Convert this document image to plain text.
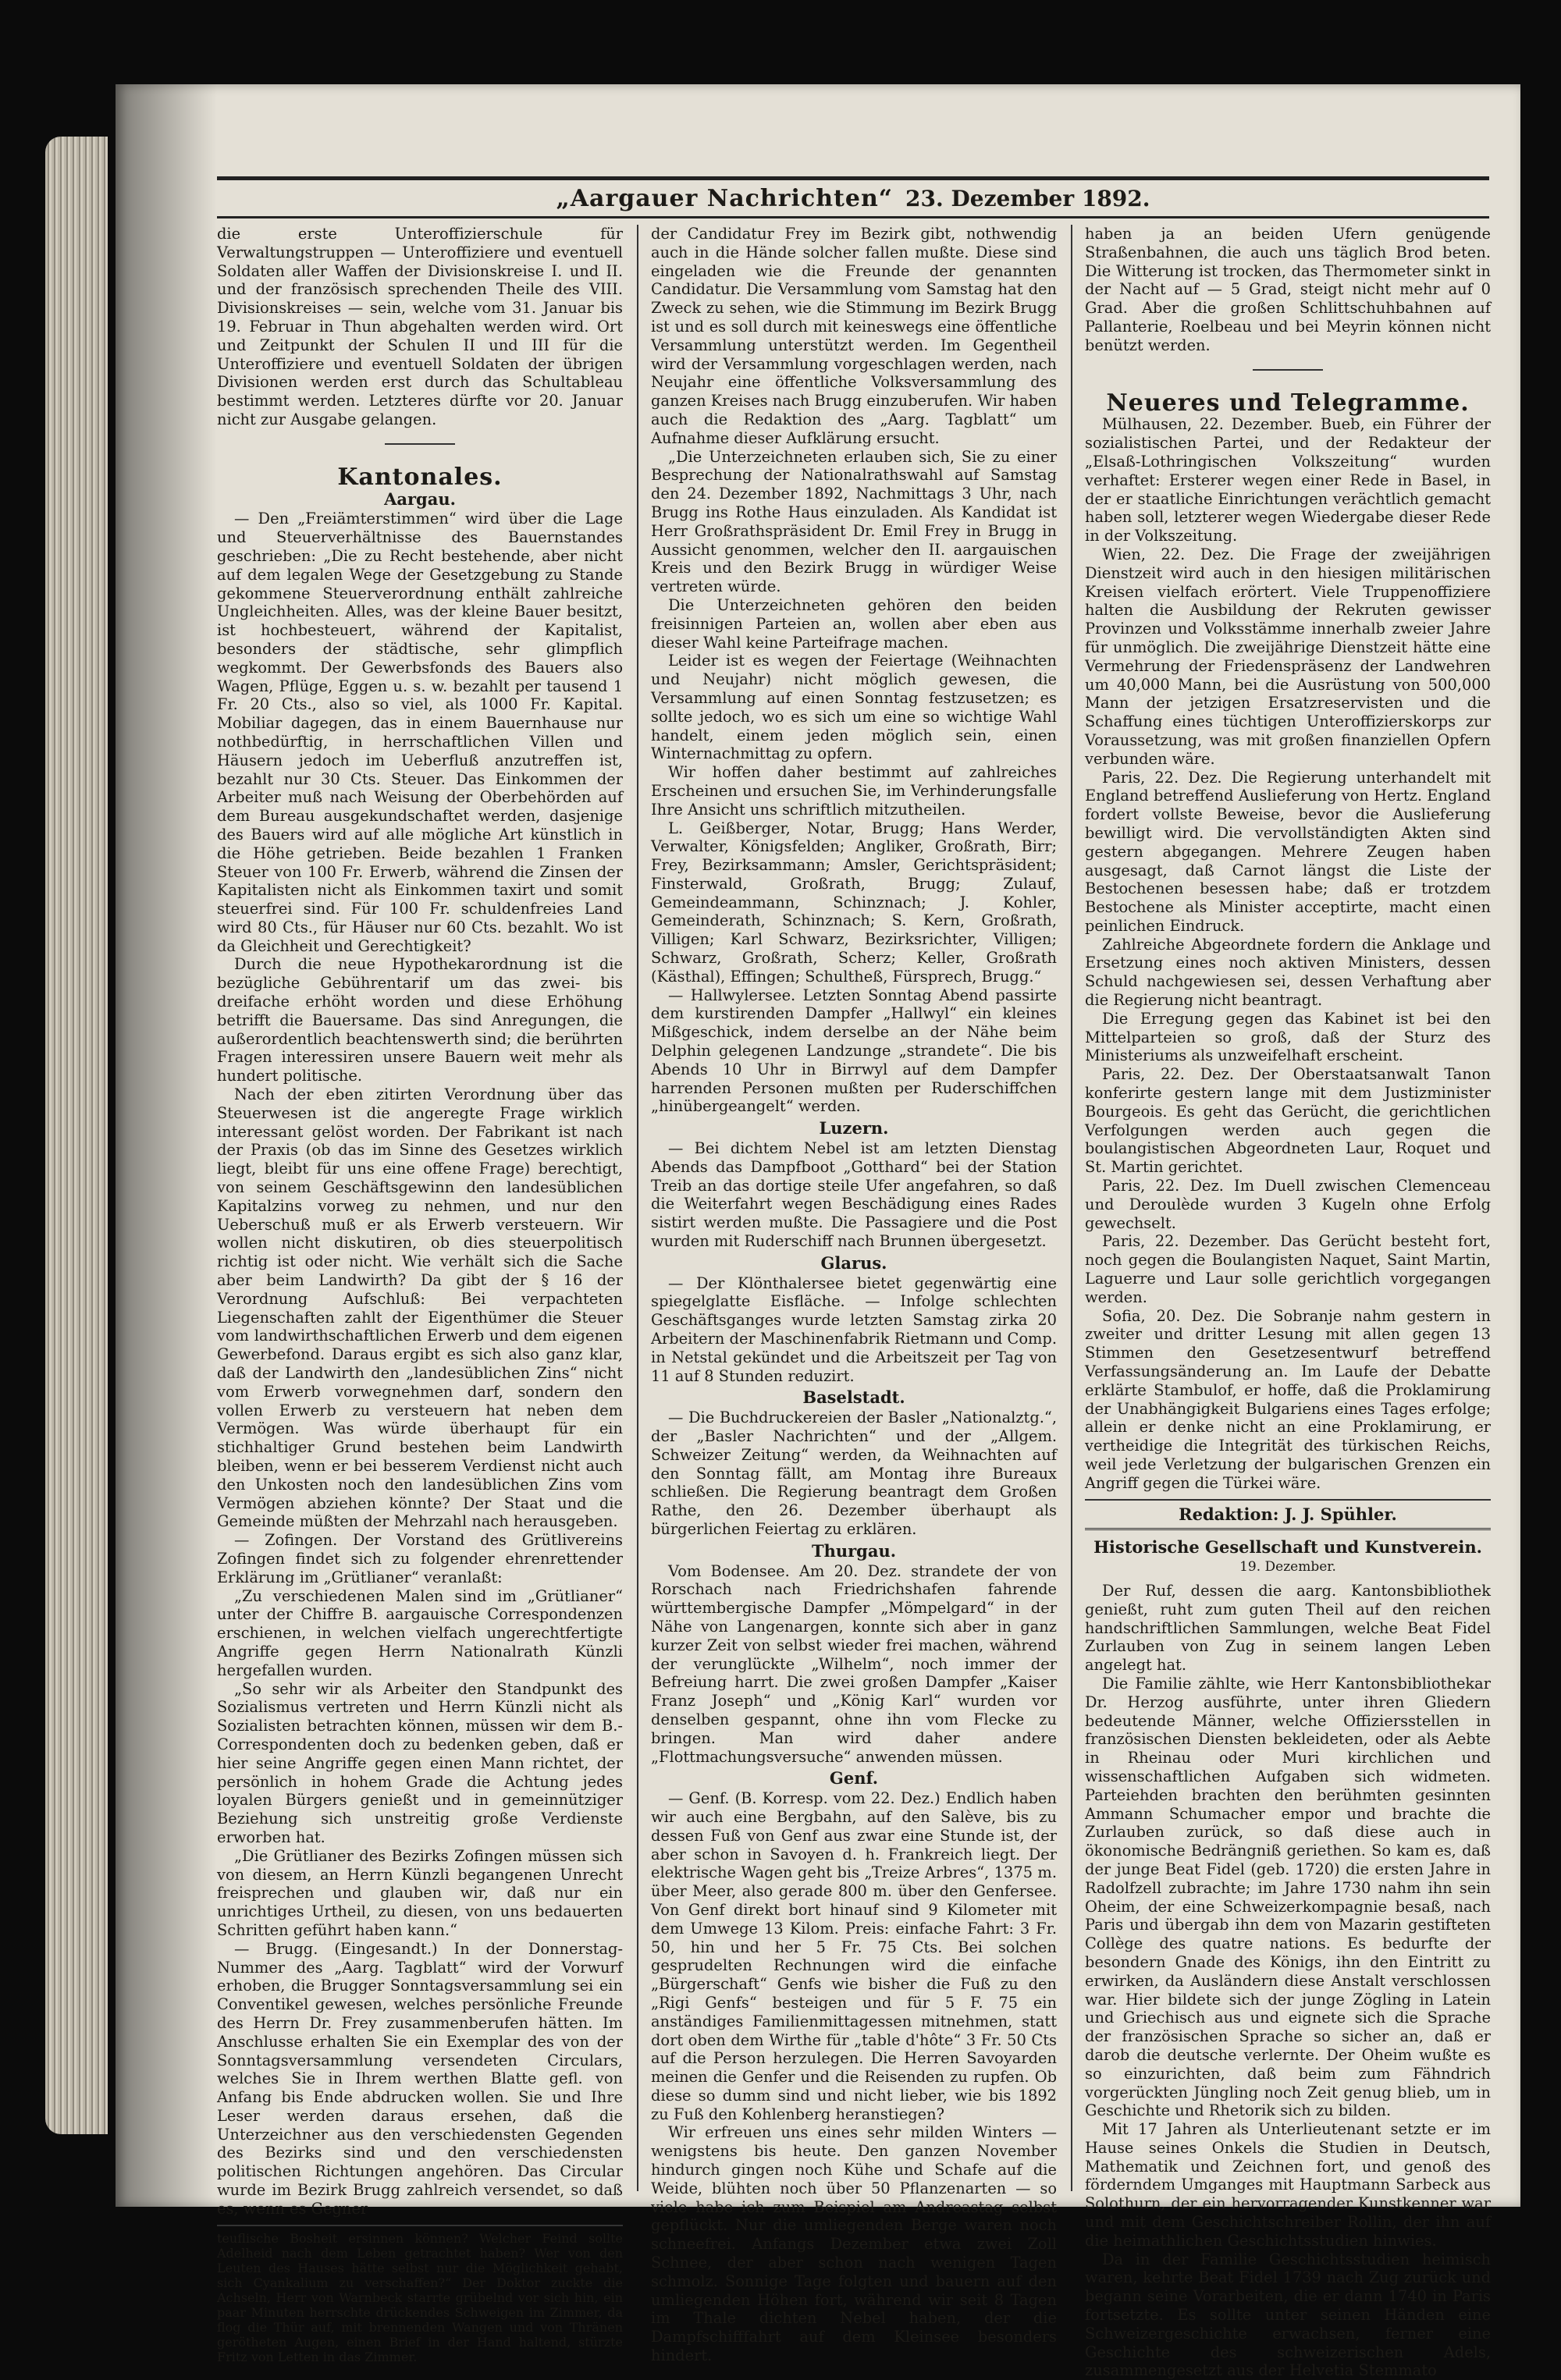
„Aargauer Nachrichten“ 23. Dezember 1892.

die erste Unteroffizierschule für Verwaltungstruppen — Unteroffiziere und eventuell Soldaten aller Waffen der Divisionskreise I. und II. und der französisch sprechenden Theile des VIII. Divisionskreises — sein, welche vom 31. Januar bis 19. Februar in Thun abgehalten werden wird. Ort und Zeitpunkt der Schulen II und III für die Unteroffiziere und eventuell Soldaten der übrigen Divisionen werden erst durch das Schultableau bestimmt werden. Letzteres dürfte vor 20. Januar nicht zur Ausgabe gelangen.

Kantonales.
Aargau.

— Den „Freiämterstimmen“ wird über die Lage und Steuerverhältnisse des Bauernstandes geschrieben: „Die zu Recht bestehende, aber nicht auf dem legalen Wege der Gesetzgebung zu Stande gekommene Steuerverordnung enthält zahlreiche Ungleichheiten. Alles, was der kleine Bauer besitzt, ist hochbesteuert, während der Kapitalist, besonders der städtische, sehr glimpflich wegkommt. Der Gewerbsfonds des Bauers also Wagen, Pflüge, Eggen u. s. w. bezahlt per tausend 1 Fr. 20 Cts., also so viel, als 1000 Fr. Kapital. Mobiliar dagegen, das in einem Bauernhause nur nothbedürftig, in herrschaftlichen Villen und Häusern jedoch im Ueberfluß anzutreffen ist, bezahlt nur 30 Cts. Steuer. Das Einkommen der Arbeiter muß nach Weisung der Oberbehörden auf dem Bureau ausgekundschaftet werden, dasjenige des Bauers wird auf alle mögliche Art künstlich in die Höhe getrieben. Beide bezahlen 1 Franken Steuer von 100 Fr. Erwerb, während die Zinsen der Kapitalisten nicht als Einkommen taxirt und somit steuerfrei sind. Für 100 Fr. schuldenfreies Land wird 80 Cts., für Häuser nur 60 Cts. bezahlt. Wo ist da Gleichheit und Gerechtigkeit?

Durch die neue Hypothekarordnung ist die bezügliche Gebührentarif um das zwei- bis dreifache erhöht worden und diese Erhöhung betrifft die Bauersame. Das sind Anregungen, die außerordentlich beachtenswerth sind; die berührten Fragen interessiren unsere Bauern weit mehr als hundert politische.

Nach der eben zitirten Verordnung über das Steuerwesen ist die angeregte Frage wirklich interessant gelöst worden. Der Fabrikant ist nach der Praxis (ob das im Sinne des Gesetzes wirklich liegt, bleibt für uns eine offene Frage) berechtigt, von seinem Geschäftsgewinn den landesüblichen Kapitalzins vorweg zu nehmen, und nur den Ueberschuß muß er als Erwerb versteuern. Wir wollen nicht diskutiren, ob dies steuerpolitisch richtig ist oder nicht. Wie verhält sich die Sache aber beim Landwirth? Da gibt der § 16 der Verordnung Aufschluß: Bei verpachteten Liegenschaften zahlt der Eigenthümer die Steuer vom landwirthschaftlichen Erwerb und dem eigenen Gewerbefond. Daraus ergibt es sich also ganz klar, daß der Landwirth den „landesüblichen Zins“ nicht vom Erwerb vorwegnehmen darf, sondern den vollen Erwerb zu versteuern hat neben dem Vermögen. Was würde überhaupt für ein stichhaltiger Grund bestehen beim Landwirth bleiben, wenn er bei besserem Verdienst nicht auch den Unkosten noch den landesüblichen Zins vom Vermögen abziehen könnte? Der Staat und die Gemeinde müßten der Mehrzahl nach herausgeben.

— Zofingen. Der Vorstand des Grütlivereins Zofingen findet sich zu folgender ehrenrettender Erklärung im „Grütlianer“ veranlaßt:

„Zu verschiedenen Malen sind im „Grütlianer“ unter der Chiffre B. aargauische Correspondenzen erschienen, in welchen vielfach ungerechtfertigte Angriffe gegen Herrn Nationalrath Künzli hergefallen wurden.

„So sehr wir als Arbeiter den Standpunkt des Sozialismus vertreten und Herrn Künzli nicht als Sozialisten betrachten können, müssen wir dem B.-Correspondenten doch zu bedenken geben, daß er hier seine Angriffe gegen einen Mann richtet, der persönlich in hohem Grade die Achtung jedes loyalen Bürgers genießt und in gemeinnütziger Beziehung sich unstreitig große Verdienste erworben hat.

„Die Grütlianer des Bezirks Zofingen müssen sich von diesem, an Herrn Künzli begangenen Unrecht freisprechen und glauben wir, daß nur ein unrichtiges Urtheil, zu diesen, von uns bedauerten Schritten geführt haben kann.“

— Brugg. (Eingesandt.) In der Donnerstag-Nummer des „Aarg. Tagblatt“ wird der Vorwurf erhoben, die Brugger Sonntagsversammlung sei ein Conventikel gewesen, welches persönliche Freunde des Herrn Dr. Frey zusammenberufen hätten. Im Anschlusse erhalten Sie ein Exemplar des von der Sonntagsversammlung versendeten Circulars, welches Sie in Ihrem werthen Blatte gefl. von Anfang bis Ende abdrucken wollen. Sie und Ihre Leser werden daraus ersehen, daß die Unterzeichner aus den verschiedensten Gegenden des Bezirks sind und den verschiedensten politischen Richtungen angehören. Das Circular wurde im Bezirk Brugg zahlreich versendet, so daß es, wenn es Gegner

teuflische Bosheit ersinnen können? Welcher Feind sollte Adelheid nach dem Leben getrachtet haben? Wer von den Leuten des Hauses hätte selbst nur die Möglichkeit gehabt, sich Cyankalium zu verschaffen?“ Der Doktor zuckte die Achseln, Herr von Warnbeck starrte grübelnd vor sich hin, ein paar Minuten herrschte drückendes Schweigen im Zimmer, da flog die Thür auf, mit brennenden Wangen und von Thränen gerötheten Augen, einen Brief in der Hand haltend, stürzte Fritz von Letten in das Zimmer.

der Candidatur Frey im Bezirk gibt, nothwendig auch in die Hände solcher fallen mußte. Diese sind eingeladen wie die Freunde der genannten Candidatur. Die Versammlung vom Samstag hat den Zweck zu sehen, wie die Stimmung im Bezirk Brugg ist und es soll durch mit keineswegs eine öffentliche Versammlung unterstützt werden. Im Gegentheil wird der Versammlung vorgeschlagen werden, nach Neujahr eine öffentliche Volksversammlung des ganzen Kreises nach Brugg einzuberufen. Wir haben auch die Redaktion des „Aarg. Tagblatt“ um Aufnahme dieser Aufklärung ersucht.

„Die Unterzeichneten erlauben sich, Sie zu einer Besprechung der Nationalrathswahl auf Samstag den 24. Dezember 1892, Nachmittags 3 Uhr, nach Brugg ins Rothe Haus einzuladen. Als Kandidat ist Herr Großrathspräsident Dr. Emil Frey in Brugg in Aussicht genommen, welcher den II. aargauischen Kreis und den Bezirk Brugg in würdiger Weise vertreten würde.

Die Unterzeichneten gehören den beiden freisinnigen Parteien an, wollen aber eben aus dieser Wahl keine Parteifrage machen.

Leider ist es wegen der Feiertage (Weihnachten und Neujahr) nicht möglich gewesen, die Versammlung auf einen Sonntag festzusetzen; es sollte jedoch, wo es sich um eine so wichtige Wahl handelt, einem jeden möglich sein, einen Winternachmittag zu opfern.

Wir hoffen daher bestimmt auf zahlreiches Erscheinen und ersuchen Sie, im Verhinderungsfalle Ihre Ansicht uns schriftlich mitzutheilen.

L. Geißberger, Notar, Brugg; Hans Werder, Verwalter, Königsfelden; Angliker, Großrath, Birr; Frey, Bezirksammann; Amsler, Gerichtspräsident; Finsterwald, Großrath, Brugg; Zulauf, Gemeindeammann, Schinznach; J. Kohler, Gemeinderath, Schinznach; S. Kern, Großrath, Villigen; Karl Schwarz, Bezirksrichter, Villigen; Schwarz, Großrath, Scherz; Keller, Großrath (Kästhal), Effingen; Schultheß, Fürsprech, Brugg.“

— Hallwylersee. Letzten Sonntag Abend passirte dem kurstirenden Dampfer „Hallwyl“ ein kleines Mißgeschick, indem derselbe an der Nähe beim Delphin gelegenen Landzunge „strandete“. Die bis Abends 10 Uhr in Birrwyl auf dem Dampfer harrenden Personen mußten per Ruderschiffchen „hinübergeangelt“ werden.

Luzern.

— Bei dichtem Nebel ist am letzten Dienstag Abends das Dampfboot „Gotthard“ bei der Station Treib an das dortige steile Ufer angefahren, so daß die Weiterfahrt wegen Beschädigung eines Rades sistirt werden mußte. Die Passagiere und die Post wurden mit Ruderschiff nach Brunnen übergesetzt.

Glarus.

— Der Klönthalersee bietet gegenwärtig eine spiegelglatte Eisfläche. — Infolge schlechten Geschäftsganges wurde letzten Samstag zirka 20 Arbeitern der Maschinenfabrik Rietmann und Comp. in Netstal gekündet und die Arbeitszeit per Tag von 11 auf 8 Stunden reduzirt.

Baselstadt.

— Die Buchdruckereien der Basler „Nationalztg.“, der „Basler Nachrichten“ und der „Allgem. Schweizer Zeitung“ werden, da Weihnachten auf den Sonntag fällt, am Montag ihre Bureaux schließen. Die Regierung beantragt dem Großen Rathe, den 26. Dezember überhaupt als bürgerlichen Feiertag zu erklären.

Thurgau.

Vom Bodensee. Am 20. Dez. strandete der von Rorschach nach Friedrichshafen fahrende württembergische Dampfer „Mömpelgard“ in der Nähe von Langenargen, konnte sich aber in ganz kurzer Zeit von selbst wieder frei machen, während der verunglückte „Wilhelm“, noch immer der Befreiung harrt. Die zwei großen Dampfer „Kaiser Franz Joseph“ und „König Karl“ wurden vor denselben gespannt, ohne ihn vom Flecke zu bringen. Man wird daher andere „Flottmachungsversuche“ anwenden müssen.

Genf.

— Genf. (B. Korresp. vom 22. Dez.) Endlich haben wir auch eine Bergbahn, auf den Salève, bis zu dessen Fuß von Genf aus zwar eine Stunde ist, der aber schon in Savoyen d. h. Frankreich liegt. Der elektrische Wagen geht bis „Treize Arbres“, 1375 m. über Meer, also gerade 800 m. über den Genfersee. Von Genf direkt bort hinauf sind 9 Kilometer mit dem Umwege 13 Kilom. Preis: einfache Fahrt: 3 Fr. 50, hin und her 5 Fr. 75 Cts. Bei solchen gesprudelten Rechnungen wird die einfache „Bürgerschaft“ Genfs wie bisher die Fuß zu den „Rigi Genfs“ besteigen und für 5 F. 75 ein anständiges Familienmittagessen mitnehmen, statt dort oben dem Wirthe für „table d'hôte“ 3 Fr. 50 Cts auf die Person herzulegen. Die Herren Savoyarden meinen die Genfer und die Reisenden zu rupfen. Ob diese so dumm sind und nicht lieber, wie bis 1892 zu Fuß den Kohlenberg heranstiegen?

Wir erfreuen uns eines sehr milden Winters — wenigstens bis heute. Den ganzen November hindurch gingen noch Kühe und Schafe auf die Weide, blühten noch über 50 Pflanzenarten — so viele habe ich zum Beispiel am Andreastag selbst gepflückt. Nur die umliegenden Berge waren noch schneefrei. Anfangs Dezember etwa zwei Zoll Schnee, der aber schon nach wenigen Tagen schmolz. Sonnige Tage folgten und bauern auf den umliegenden Höhen fort, während wir seit 8 Tagen im Thale dichten Nebel haben, der die Dampfschifffahrt auf dem Kleinsee besonders hindert.

haben ja an beiden Ufern genügende Straßenbahnen, die auch uns täglich Brod beten. Die Witterung ist trocken, das Thermometer sinkt in der Nacht auf — 5 Grad, steigt nicht mehr auf 0 Grad. Aber die großen Schlittschuhbahnen auf Pallanterie, Roelbeau und bei Meyrin können nicht benützt werden.

Neueres und Telegramme.

Mülhausen, 22. Dezember. Bueb, ein Führer der sozialistischen Partei, und der Redakteur der „Elsaß-Lothringischen Volkszeitung“ wurden verhaftet: Ersterer wegen einer Rede in Basel, in der er staatliche Einrichtungen verächtlich gemacht haben soll, letzterer wegen Wiedergabe dieser Rede in der Volkszeitung.

Wien, 22. Dez. Die Frage der zweijährigen Dienstzeit wird auch in den hiesigen militärischen Kreisen vielfach erörtert. Viele Truppenoffiziere halten die Ausbildung der Rekruten gewisser Provinzen und Volksstämme innerhalb zweier Jahre für unmöglich. Die zweijährige Dienstzeit hätte eine Vermehrung der Friedenspräsenz der Landwehren um 40,000 Mann, bei die Ausrüstung von 500,000 Mann der jetzigen Ersatzreservisten und die Schaffung eines tüchtigen Unteroffizierskorps zur Voraussetzung, was mit großen finanziellen Opfern verbunden wäre.

Paris, 22. Dez. Die Regierung unterhandelt mit England betreffend Auslieferung von Hertz. England fordert vollste Beweise, bevor die Auslieferung bewilligt wird. Die vervollständigten Akten sind gestern abgegangen. Mehrere Zeugen haben ausgesagt, daß Carnot längst die Liste der Bestochenen besessen habe; daß er trotzdem Bestochene als Minister acceptirte, macht einen peinlichen Eindruck.

Zahlreiche Abgeordnete fordern die Anklage und Ersetzung eines noch aktiven Ministers, dessen Schuld nachgewiesen sei, dessen Verhaftung aber die Regierung nicht beantragt.

Die Erregung gegen das Kabinet ist bei den Mittelparteien so groß, daß der Sturz des Ministeriums als unzweifelhaft erscheint.

Paris, 22. Dez. Der Oberstaatsanwalt Tanon konferirte gestern lange mit dem Justizminister Bourgeois. Es geht das Gerücht, die gerichtlichen Verfolgungen werden auch gegen die boulangistischen Abgeordneten Laur, Roquet und St. Martin gerichtet.

Paris, 22. Dez. Im Duell zwischen Clemenceau und Deroulède wurden 3 Kugeln ohne Erfolg gewechselt.

Paris, 22. Dezember. Das Gerücht besteht fort, noch gegen die Boulangisten Naquet, Saint Martin, Laguerre und Laur solle gerichtlich vorgegangen werden.

Sofia, 20. Dez. Die Sobranje nahm gestern in zweiter und dritter Lesung mit allen gegen 13 Stimmen den Gesetzesentwurf betreffend Verfassungsänderung an. Im Laufe der Debatte erklärte Stambulof, er hoffe, daß die Proklamirung der Unabhängigkeit Bulgariens eines Tages erfolge; allein er denke nicht an eine Proklamirung, er vertheidige die Integrität des türkischen Reichs, weil jede Verletzung der bulgarischen Grenzen ein Angriff gegen die Türkei wäre.

Redaktion: J. J. Spühler.
Historische Gesellschaft und Kunstverein.
19. Dezember.

Der Ruf, dessen die aarg. Kantonsbibliothek genießt, ruht zum guten Theil auf den reichen handschriftlichen Sammlungen, welche Beat Fidel Zurlauben von Zug in seinem langen Leben angelegt hat.

Die Familie zählte, wie Herr Kantonsbibliothekar Dr. Herzog ausführte, unter ihren Gliedern bedeutende Männer, welche Offiziersstellen in französischen Diensten bekleideten, oder als Aebte in Rheinau oder Muri kirchlichen und wissenschaftlichen Aufgaben sich widmeten. Parteiehden brachten den berühmten gesinnten Ammann Schumacher empor und brachte die Zurlauben zurück, so daß diese auch in ökonomische Bedrängniß geriethen. So kam es, daß der junge Beat Fidel (geb. 1720) die ersten Jahre in Radolfzell zubrachte; im Jahre 1730 nahm ihn sein Oheim, der eine Schweizerkompagnie besaß, nach Paris und übergab ihn dem von Mazarin gestifteten Collège des quatre nations. Es bedurfte der besondern Gnade des Königs, ihn den Eintritt zu erwirken, da Ausländern diese Anstalt verschlossen war. Hier bildete sich der junge Zögling in Latein und Griechisch aus und eignete sich die Sprache der französischen Sprache so sicher an, daß er darob die deutsche verlernte. Der Oheim wußte es so einzurichten, daß beim zum Fähndrich vorgerückten Jüngling noch Zeit genug blieb, um in Geschichte und Rhetorik sich zu bilden.

Mit 17 Jahren als Unterlieutenant setzte er im Hause seines Onkels die Studien in Deutsch, Mathematik und Zeichnen fort, und genoß des förderndem Umganges mit Hauptmann Sarbeck aus Solothurn, der ein hervorragender Kunstkenner war und mit dem Geschichtschreiber Rollin, der ihn auf die heimathlichen Geschichtsstudien hinwies.

Da in der Familie Geschichtsstudien heimisch waren, kehrte Beat Fidel 1739 nach Zug zurück und begann seine Vorarbeiten, die er dann 1740 in Paris fortsetzte. Es sollte unter seinen Händen eine Schweizergeschichte erwachsen, ferner eine Geschichte des schweizerischen Adels, zusammengesetzt aus der Helvetia Stemmato
